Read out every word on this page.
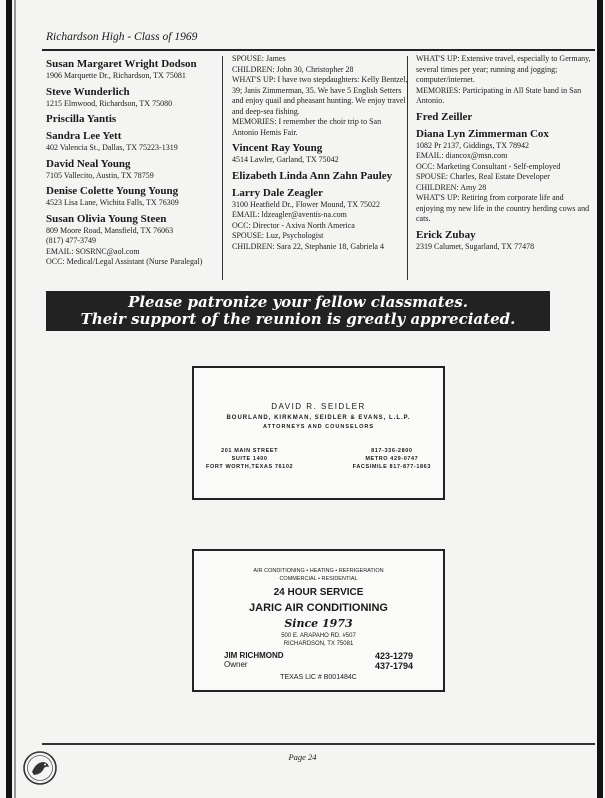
Richardson High - Class of 1969
Susan Margaret Wright Dodson
1906 Marquette Dr., Richardson, TX 75081
Steve Wunderlich
1215 Elmwood, Richardson, TX 75080
Priscilla Yantis
Sandra Lee Yett
402 Valencia St., Dallas, TX 75223-1319
David Neal Young
7105 Vallecito, Austin, TX 78759
Denise Colette Young Young
4523 Lisa Lane, Wichita Falls, TX 76309
Susan Olivia Young Steen
809 Moore Road, Mansfield, TX 76063
(817) 477-3749
EMAIL: SOSRNC@aol.com
OCC: Medical/Legal Assistant (Nurse Paralegal)
SPOUSE: James
CHILDREN: John 30, Christopher 28
WHAT'S UP: I have two stepdaughters: Kelly Bentzel, 39; Janis Zimmerman, 35. We have 5 English Setters and enjoy quail and pheasant hunting. We enjoy travel and deep-sea fishing.
MEMORIES: I remember the choir trip to San Antonio Hemis Fair.
Vincent Ray Young
4514 Lawler, Garland, TX 75042
Elizabeth Linda Ann Zahn Pauley
Larry Dale Zeagler
3100 Heatfield Dr., Flower Mound, TX 75022
EMAIL: ldzeagler@aventis-na.com
OCC: Director - Axiva North America
SPOUSE: Luz, Psychologist
CHILDREN: Sara 22, Stephanie 18, Gabriela 4
WHAT'S UP: Extensive travel, especially to Germany, several times per year; running and jogging; computer/internet.
MEMORIES: Participating in All State band in San Antonio.
Fred Zeiller
Diana Lyn Zimmerman Cox
1082 Pr 2137, Giddings, TX 78942
EMAIL: diancox@msn.com
OCC: Marketing Consultant - Self-employed
SPOUSE: Charles, Real Estate Developer
CHILDREN: Amy 28
WHAT'S UP: Retiring from corporate life and enjoying my new life in the country herding cows and cats.
Erick Zubay
2319 Calumet, Sugarland, TX 77478
Please patronize your fellow classmates.
Their support of the reunion is greatly appreciated.
DAVID R. SEIDLER
BOURLAND, KIRKMAN, SEIDLER & EVANS, L.L.P.
ATTORNEYS AND COUNSELORS
201 MAIN STREET
SUITE 1400
FORT WORTH,TEXAS 76102
817-336-2800
METRO 429-0747
FACSIMILE 817-877-1863
AIR CONDITIONING • HEATING • REFRIGERATION
COMMERCIAL • RESIDENTIAL
24 HOUR SERVICE
JARIC AIR CONDITIONING
Since 1973
500 E. ARAPAHO RD. #507
RICHARDSON, TX 75081
JIM RICHMOND
Owner
423-1279
437-1794
TEXAS LIC # B001484C
Page 24
